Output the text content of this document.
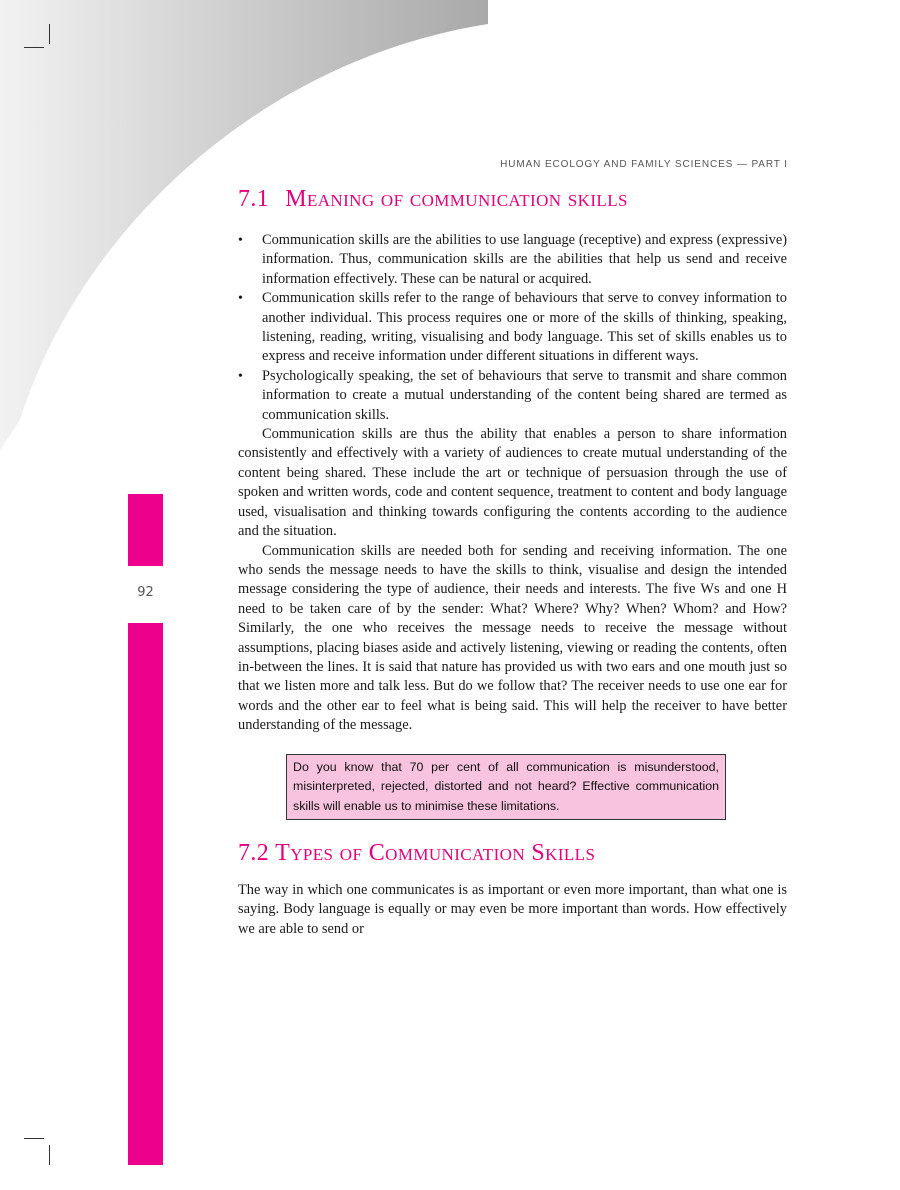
HUMAN ECOLOGY AND FAMILY SCIENCES — PART I
92
7.1 Meaning of communication skills
• Communication skills are the abilities to use language (receptive) and express (expressive) information. Thus, communication skills are the abilities that help us send and receive information effectively. These can be natural or acquired.
• Communication skills refer to the range of behaviours that serve to convey information to another individual. This process requires one or more of the skills of thinking, speaking, listening, reading, writing, visualising and body language. This set of skills enables us to express and receive information under different situations in different ways.
• Psychologically speaking, the set of behaviours that serve to transmit and share common information to create a mutual understanding of the content being shared are termed as communication skills.

Communication skills are thus the ability that enables a person to share information consistently and effectively with a variety of audiences to create mutual understanding of the content being shared. These include the art or technique of persuasion through the use of spoken and written words, code and content sequence, treatment to content and body language used, visualisation and thinking towards configuring the contents according to the audience and the situation.

Communication skills are needed both for sending and receiving information. The one who sends the message needs to have the skills to think, visualise and design the intended message considering the type of audience, their needs and interests. The five Ws and one H need to be taken care of by the sender: What? Where? Why? When? Whom? and How? Similarly, the one who receives the message needs to receive the message without assumptions, placing biases aside and actively listening, viewing or reading the contents, often in-between the lines. It is said that nature has provided us with two ears and one mouth just so that we listen more and talk less. But do we follow that? The receiver needs to use one ear for words and the other ear to feel what is being said. This will help the receiver to have better understanding of the message.

Do you know that 70 per cent of all communication is misunderstood, misinterpreted, rejected, distorted and not heard? Effective communication skills will enable us to minimise these limitations.
7.2 Types of Communication Skills

The way in which one communicates is as important or even more important, than what one is saying. Body language is equally or may even be more important than words. How effectively we are able to send or
